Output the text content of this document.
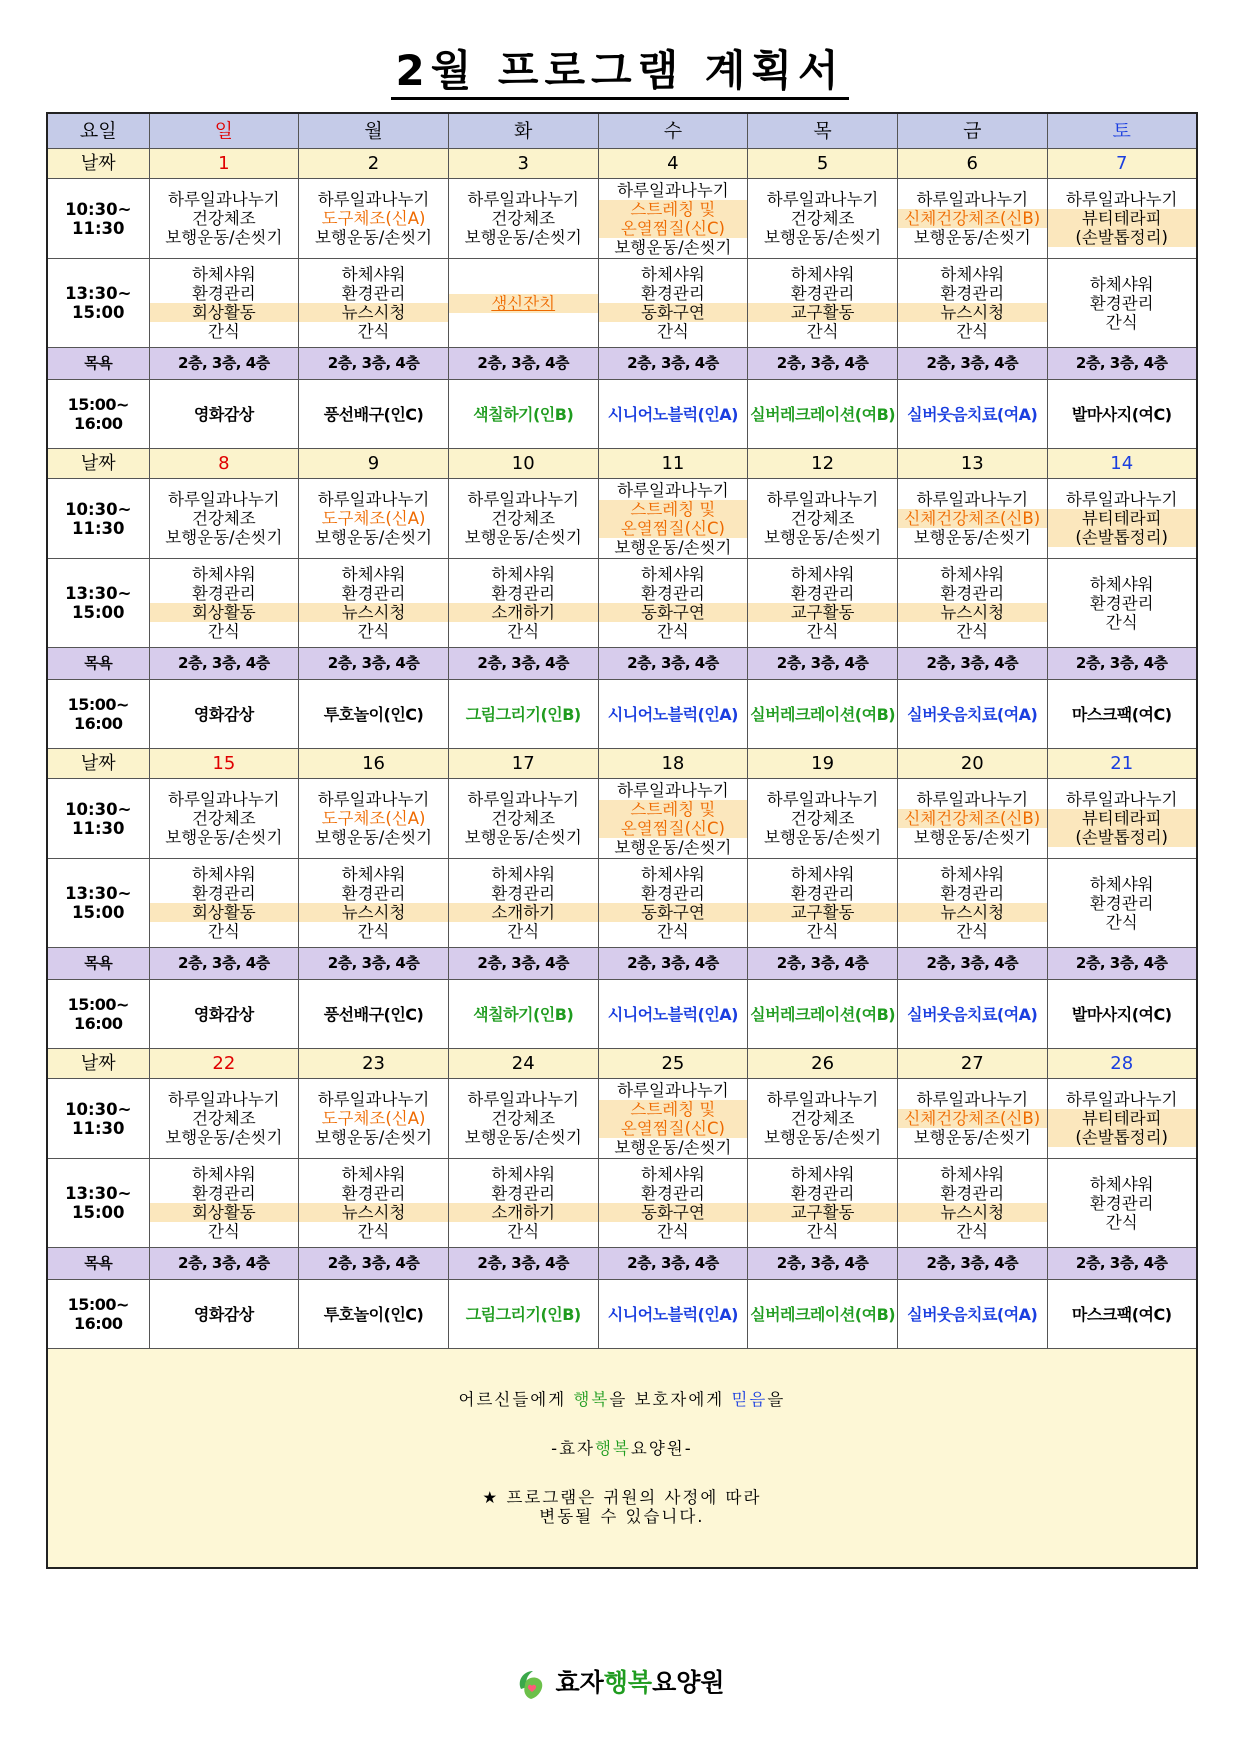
2월 프로그램 계획서
요일	일	월	화	수	목	금	토

날짜	1	2	3	4	5	6	7

10:30~
11:30	하루일과나누기
건강체조
보행운동/손씻기	하루일과나누기
도구체조(신A)
보행운동/손씻기	하루일과나누기
건강체조
보행운동/손씻기	하루일과나누기
스트레칭 및
온열찜질(신C)
보행운동/손씻기	하루일과나누기
건강체조
보행운동/손씻기	하루일과나누기
신체건강체조(신B)
보행운동/손씻기	하루일과나누기
뷰티테라피
(손발톱정리)

13:30~
15:00	하체샤워
환경관리
회상활동
간식	하체샤워
환경관리
뉴스시청
간식	생신잔치	하체샤워
환경관리
동화구연
간식	하체샤워
환경관리
교구활동
간식	하체샤워
환경관리
뉴스시청
간식	하체샤워
환경관리
간식

목욕	2층, 3층, 4층	2층, 3층, 4층	2층, 3층, 4층	2층, 3층, 4층	2층, 3층, 4층	2층, 3층, 4층	2층, 3층, 4층

15:00~
16:00	영화감상	풍선배구(인C)	색칠하기(인B)	시니어노블럭(인A)	실버레크레이션(여B)	실버웃음치료(여A)	발마사지(여C)

날짜	8	9	10	11	12	13	14

10:30~
11:30	하루일과나누기
건강체조
보행운동/손씻기	하루일과나누기
도구체조(신A)
보행운동/손씻기	하루일과나누기
건강체조
보행운동/손씻기	하루일과나누기
스트레칭 및
온열찜질(신C)
보행운동/손씻기	하루일과나누기
건강체조
보행운동/손씻기	하루일과나누기
신체건강체조(신B)
보행운동/손씻기	하루일과나누기
뷰티테라피
(손발톱정리)

13:30~
15:00	하체샤워
환경관리
회상활동
간식	하체샤워
환경관리
뉴스시청
간식	하체샤워
환경관리
소개하기
간식	하체샤워
환경관리
동화구연
간식	하체샤워
환경관리
교구활동
간식	하체샤워
환경관리
뉴스시청
간식	하체샤워
환경관리
간식

목욕	2층, 3층, 4층	2층, 3층, 4층	2층, 3층, 4층	2층, 3층, 4층	2층, 3층, 4층	2층, 3층, 4층	2층, 3층, 4층

15:00~
16:00	영화감상	투호놀이(인C)	그림그리기(인B)	시니어노블럭(인A)	실버레크레이션(여B)	실버웃음치료(여A)	마스크팩(여C)

날짜	15	16	17	18	19	20	21

10:30~
11:30	하루일과나누기
건강체조
보행운동/손씻기	하루일과나누기
도구체조(신A)
보행운동/손씻기	하루일과나누기
건강체조
보행운동/손씻기	하루일과나누기
스트레칭 및
온열찜질(신C)
보행운동/손씻기	하루일과나누기
건강체조
보행운동/손씻기	하루일과나누기
신체건강체조(신B)
보행운동/손씻기	하루일과나누기
뷰티테라피
(손발톱정리)

13:30~
15:00	하체샤워
환경관리
회상활동
간식	하체샤워
환경관리
뉴스시청
간식	하체샤워
환경관리
소개하기
간식	하체샤워
환경관리
동화구연
간식	하체샤워
환경관리
교구활동
간식	하체샤워
환경관리
뉴스시청
간식	하체샤워
환경관리
간식

목욕	2층, 3층, 4층	2층, 3층, 4층	2층, 3층, 4층	2층, 3층, 4층	2층, 3층, 4층	2층, 3층, 4층	2층, 3층, 4층

15:00~
16:00	영화감상	풍선배구(인C)	색칠하기(인B)	시니어노블럭(인A)	실버레크레이션(여B)	실버웃음치료(여A)	발마사지(여C)

날짜	22	23	24	25	26	27	28

10:30~
11:30	하루일과나누기
건강체조
보행운동/손씻기	하루일과나누기
도구체조(신A)
보행운동/손씻기	하루일과나누기
건강체조
보행운동/손씻기	하루일과나누기
스트레칭 및
온열찜질(신C)
보행운동/손씻기	하루일과나누기
건강체조
보행운동/손씻기	하루일과나누기
신체건강체조(신B)
보행운동/손씻기	하루일과나누기
뷰티테라피
(손발톱정리)

13:30~
15:00	하체샤워
환경관리
회상활동
간식	하체샤워
환경관리
뉴스시청
간식	하체샤워
환경관리
소개하기
간식	하체샤워
환경관리
동화구연
간식	하체샤워
환경관리
교구활동
간식	하체샤워
환경관리
뉴스시청
간식	하체샤워
환경관리
간식

목욕	2층, 3층, 4층	2층, 3층, 4층	2층, 3층, 4층	2층, 3층, 4층	2층, 3층, 4층	2층, 3층, 4층	2층, 3층, 4층

15:00~
16:00	영화감상	투호놀이(인C)	그림그리기(인B)	시니어노블럭(인A)	실버레크레이션(여B)	실버웃음치료(여A)	마스크팩(여C)

어르신들에게 행복을 보호자에게 믿음을

-효자행복요양원-

★ 프로그램은 귀원의 사정에 따라

변동될 수 있습니다.							

효자행복요양원
